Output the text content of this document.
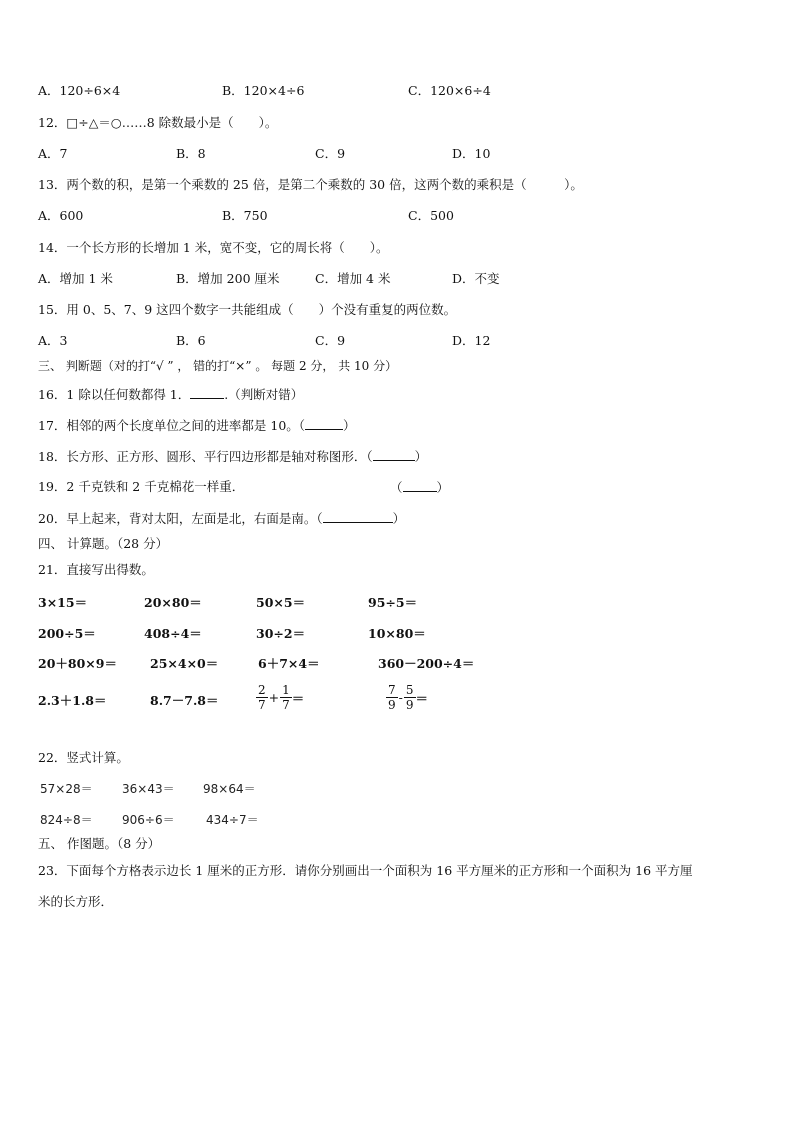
A．120÷6×4	B．120×4÷6	C．120×6÷4
12．□÷△＝○……8 除数最小是（　　）。
A．7	B．8	C．9	D．10
13．两个数的积，是第一个乘数的 25 倍，是第二个乘数的 30 倍，这两个数的乘积是（　　　）。
A．600	B．750	C．500
14．一个长方形的长增加 1 米，宽不变，它的周长将（　　）。
A．增加 1 米	B．增加 200 厘米	C．增加 4 米	D．不变
15．用 0、5、7、9 这四个数字一共能组成（　　）个没有重复的两位数。
A．3	B．6	C．9	D．12
三、 判断题（对的打“√ ” ， 错的打“×” 。 每题 2 分， 共 10 分）
16．1 除以任何数都得 1．	.（判断对错）
17．相邻的两个长度单位之间的进率都是 10。（	）
18．长方形、正方形、圆形、平行四边形都是轴对称图形．（	）
19．2 千克铁和 2 千克棉花一样重．	（	）
20．早上起来，背对太阳，左面是北，右面是南。（	）
四、 计算题。（28 分）
21．直接写出得数。
3×15＝	20×80＝	50×5＝	95÷5＝
200÷5＝	408÷4＝	30÷2＝	10×80＝
20＋80×9＝	25×4×0＝	6＋7×4＝	360－200÷4＝
2.3＋1.8＝	8.7－7.8＝	$\frac{2}{7} + \frac{1}{7}$ ＝	$\frac{7}{9} - \frac{5}{9}$ ＝
22．竖式计算。
57×28＝ 36×43＝ 98×64＝
824÷8＝ 906÷6＝	434÷7＝
五、 作图题。（8 分）
23．下面每个方格表示边长 1 厘米的正方形．请你分别画出一个面积为 16 平方厘米的正方形和一个面积为 16 平方厘
米的长方形．
